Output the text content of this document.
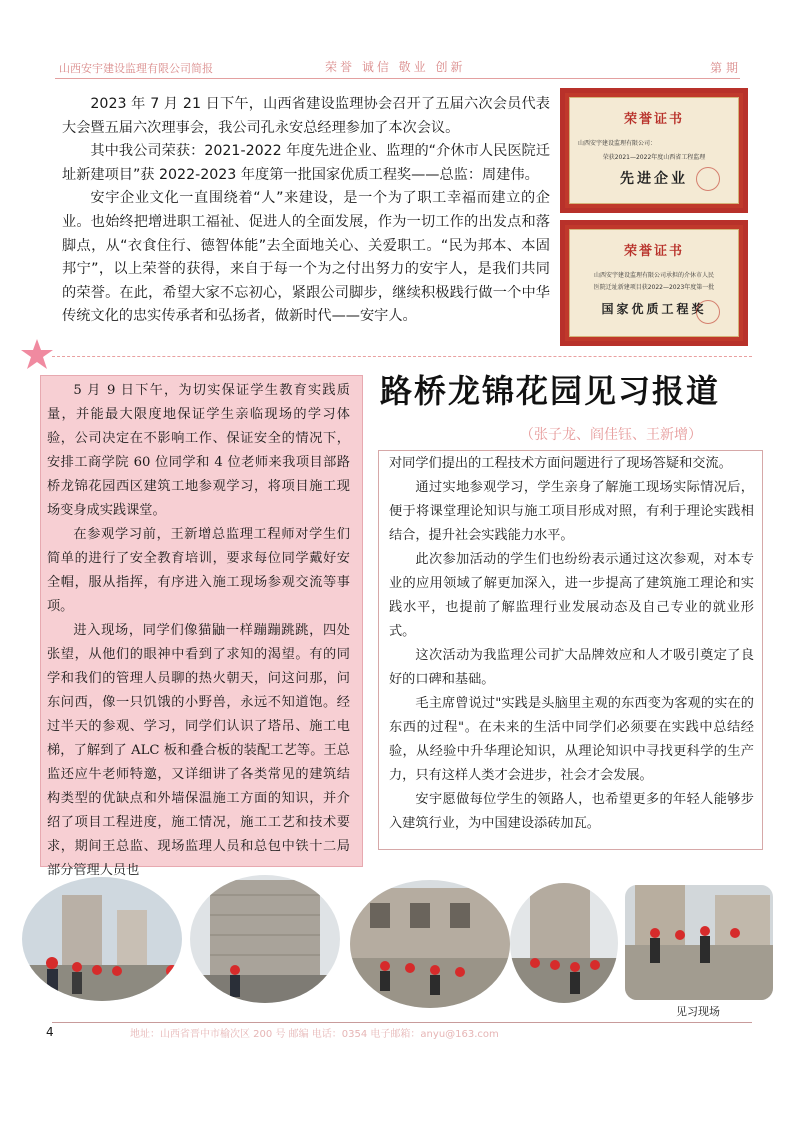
山西安宇建设监理有限公司简报	荣誉 诚信 敬业 创新	第 期

2023 年 7 月 21 日下午，山西省建设监理协会召开了五届六次会员代表大会暨五届六次理事会，我公司孔永安总经理参加了本次会议。

其中我公司荣获：2021-2022 年度先进企业、监理的“介休市人民医院迁址新建项目”获 2022-2023 年度第一批国家优质工程奖——总监：周建伟。

安宇企业文化一直围绕着“人”来建设，是一个为了职工幸福而建立的企业。也始终把增进职工福祉、促进人的全面发展，作为一切工作的出发点和落脚点，从“衣食住行、德智体能”去全面地关心、关爱职工。“民为邦本、本固邦宁”，以上荣誉的获得，来自于每一个为之付出努力的安宇人，是我们共同的荣誉。在此，希望大家不忘初心，紧跟公司脚步，继续积极践行做一个中华传统文化的忠实传承者和弘扬者，做新时代——安宇人。

荣誉证书
山西安宇建设监理有限公司：
荣获2021—2022年度山西省工程监理
先进企业
荣誉证书
山西安宇建设监理有限公司承担的介休市人民
医院迁址新建项目获2022—2023年度第一批
国家优质工程奖

5 月 9 日下午，为切实保证学生教育实践质量，并能最大限度地保证学生亲临现场的学习体验，公司决定在不影响工作、保证安全的情况下，安排工商学院 60 位同学和 4 位老师来我项目部路桥龙锦花园西区建筑工地参观学习，将项目施工现场变身成实践课堂。

在参观学习前，王新增总监理工程师对学生们简单的进行了安全教育培训，要求每位同学戴好安全帽，服从指挥，有序进入施工现场参观交流等事项。

进入现场，同学们像猫鼬一样蹦蹦跳跳，四处张望，从他们的眼神中看到了求知的渴望。有的同学和我们的管理人员聊的热火朝天，问这问那，问东问西，像一只饥饿的小野兽，永远不知道饱。经过半天的参观、学习，同学们认识了塔吊、施工电梯，了解到了 ALC 板和叠合板的装配工艺等。王总监还应牛老师特邀，又详细讲了各类常见的建筑结构类型的优缺点和外墙保温施工方面的知识，并介绍了项目工程进度，施工情况，施工工艺和技术要求，期间王总监、现场监理人员和总包中铁十二局部分管理人员也

路桥龙锦花园见习报道
（张子龙、阎佳钰、王新增）

对同学们提出的工程技术方面问题进行了现场答疑和交流。

通过实地参观学习，学生亲身了解施工现场实际情况后，便于将课堂理论知识与施工项目形成对照，有利于理论实践相结合，提升社会实践能力水平。

此次参加活动的学生们也纷纷表示通过这次参观，对本专业的应用领域了解更加深入，进一步提高了建筑施工理论和实践水平，也提前了解监理行业发展动态及自己专业的就业形式。

这次活动为我监理公司扩大品牌效应和人才吸引奠定了良好的口碑和基础。

毛主席曾说过"实践是头脑里主观的东西变为客观的实在的东西的过程"。在未来的生活中同学们必须要在实践中总结经验，从经验中升华理论知识，从理论知识中寻找更科学的生产力，只有这样人类才会进步，社会才会发展。

安宇愿做每位学生的领路人，也希望更多的年轻人能够步入建筑行业，为中国建设添砖加瓦。

见习现场
4	地址：山西省晋中市榆次区 200 号 邮编 电话：0354 电子邮箱：anyu@163.com
